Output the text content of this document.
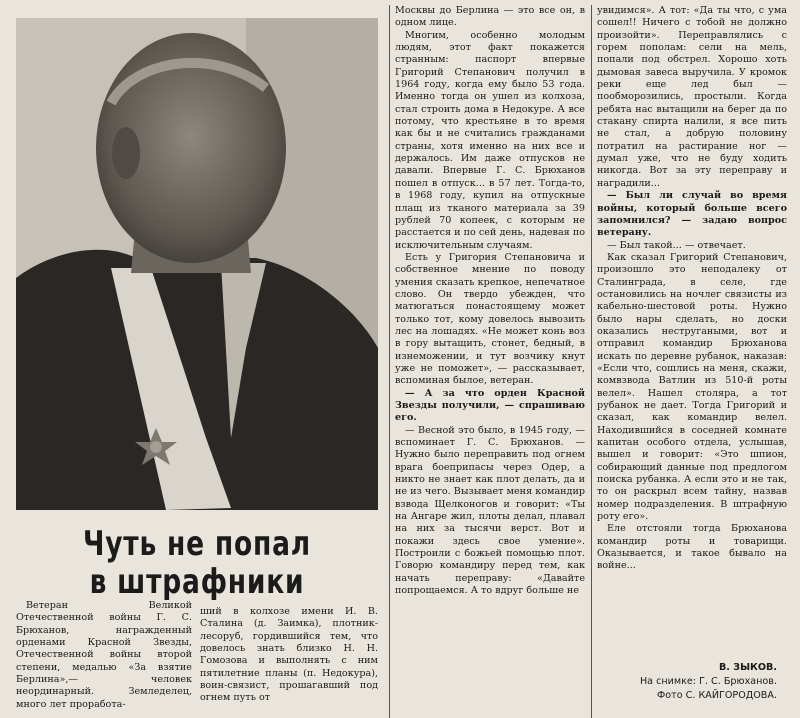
Чуть не попал
в штрафники

Ветеран Великой Отечественной войны Г. С. Брюханов, награжденный орденами Красной Звезды, Отечественной войны второй степени, медалью «За взятие Берлина»,— человек неординарный. Земледелец, много лет проработа-

ший в колхозе имени И. В. Сталина (д. Заимка), плотник-лесоруб, гордившийся тем, что довелось знать близко Н. Н. Гомозова и выполнять с ним пятилетние планы (п. Недокура), воин-связист, прошагавший под огнем путь от

Москвы до Берлина — это все он, в одном лице.

Многим, особенно молодым людям, этот факт покажется странным: паспорт впервые Григорий Степанович получил в 1964 году, когда ему было 53 года. Именно тогда он ушел из колхоза, стал строить дома в Недокуре. А все потому, что крестьяне в то время как бы и не считались гражданами страны, хотя именно на них все и держалось. Им даже отпусков не давали. Впервые Г. С. Брюханов пошел в отпуск... в 57 лет. Тогда-то, в 1968 году, купил на отпускные плащ из тканого материала за 39 рублей 70 копеек, с которым не расстается и по сей день, надевая по исключительным случаям.

Есть у Григория Степановича и собственное мнение по поводу умения сказать крепкое, непечатное слово. Он твердо убежден, что матюгаться понастоящему может только тот, кому довелось вывозить лес на лошадях. «Не может конь воз в гору вытащить, стонет, бедный, в изнеможении, и тут возчику кнут уже не поможет», — рассказывает, вспоминая былое, ветеран.

— А за что орден Красной Звезды получили, — спрашиваю его.

— Весной это было, в 1945 году, — вспоминает Г. С. Брюханов. — Нужно было переправить под огнем врага боеприпасы через Одер, а никто не знает как плот делать, да и не из чего. Вызывает меня командир взвода Щелконогов и говорит: «Ты на Ангаре жил, плоты делал, плавал на них за тысячи верст. Вот и покажи здесь свое умение». Построили с божьей помощью плот. Говорю командиру перед тем, как начать переправу: «Давайте попрощаемся. А то вдруг больше не

увидимся». А тот: «Да ты что, с ума сошел!! Ничего с тобой не должно произойти». Переправлялись с горем пополам: сели на мель, попали под обстрел. Хорошо хоть дымовая завеса выручила. У кромок реки еще лед был — пообморозились, простыли. Когда ребята нас вытащили на берег да по стакану спирта налили, я все пить не стал, а добрую половину потратил на растирание ног — думал уже, что не буду ходить никогда. Вот за эту переправу и наградили...

— Был ли случай во время войны, который больше всего запомнился? — задаю вопрос ветерану.

— Был такой... — отвечает.

Как сказал Григорий Степанович, произошло это неподалеку от Сталинграда, в селе, где остановились на ночлег связисты из кабельно-шестовой роты. Нужно было нары сделать, но доски оказались нестругаными, вот и отправил командир Брюханова искать по деревне рубанок, наказав: «Если что, сошлись на меня, скажи, комвзвода Ватлин из 510-й роты велел». Нашел столяра, а тот рубанок не дает. Тогда Григорий и сказал, как командир велел. Находившийся в соседней комнате капитан особого отдела, услышав, вышел и говорит: «Это шпион, собирающий данные под предлогом поиска рубанка. А если это и не так, то он раскрыл всем тайну, назвав номер подразделения. В штрафную роту его».

Еле отстояли тогда Брюханова командир роты и товарищи. Оказывается, и такое бывало на войне...

В. ЗЫКОВ.
На снимке: Г. С. Брюханов.
Фото С. КАЙГОРОДОВА.
